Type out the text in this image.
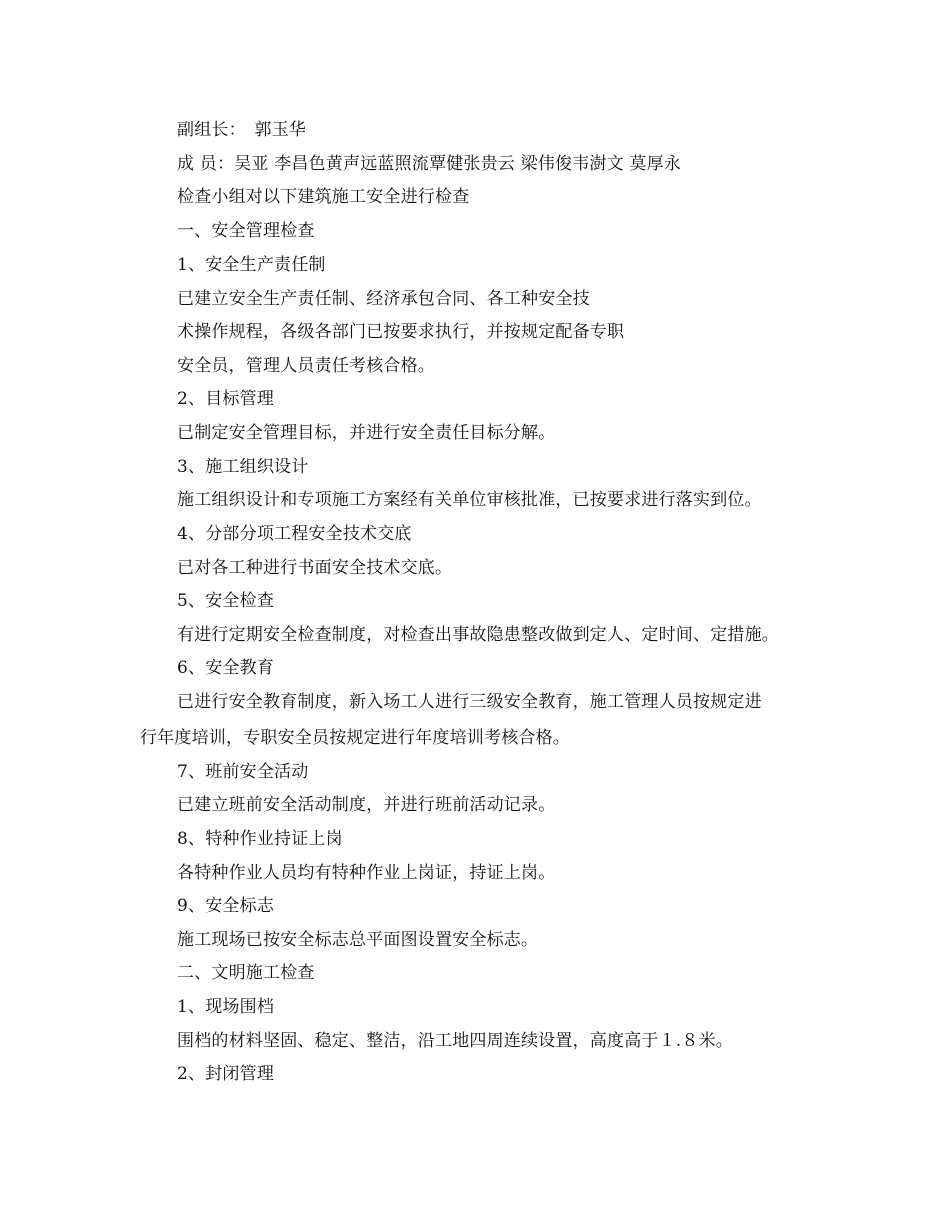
副组长：　郭玉华
成 员：吴亚 李昌色黄声远蓝照流覃健张贵云 梁伟俊韦澍文 莫厚永
检查小组对以下建筑施工安全进行检查
一、安全管理检查
1、安全生产责任制
已建立安全生产责任制、经济承包合同、各工种安全技
术操作规程，各级各部门已按要求执行，并按规定配备专职
安全员，管理人员责任考核合格。
2、目标管理
已制定安全管理目标，并进行安全责任目标分解。
3、施工组织设计
施工组织设计和专项施工方案经有关单位审核批准，已按要求进行落实到位。
4、分部分项工程安全技术交底
已对各工种进行书面安全技术交底。
5、安全检查
有进行定期安全检查制度，对检查出事故隐患整改做到定人、定时间、定措施。
6、安全教育
已进行安全教育制度，新入场工人进行三级安全教育，施工管理人员按规定进
行年度培训，专职安全员按规定进行年度培训考核合格。
7、班前安全活动
已建立班前安全活动制度，并进行班前活动记录。
8、特种作业持证上岗
各特种作业人员均有特种作业上岗证，持证上岗。
9、安全标志
施工现场已按安全标志总平面图设置安全标志。
二、文明施工检查
1、现场围档
围档的材料坚固、稳定、整洁，沿工地四周连续设置，高度高于１.８米。
2、封闭管理
